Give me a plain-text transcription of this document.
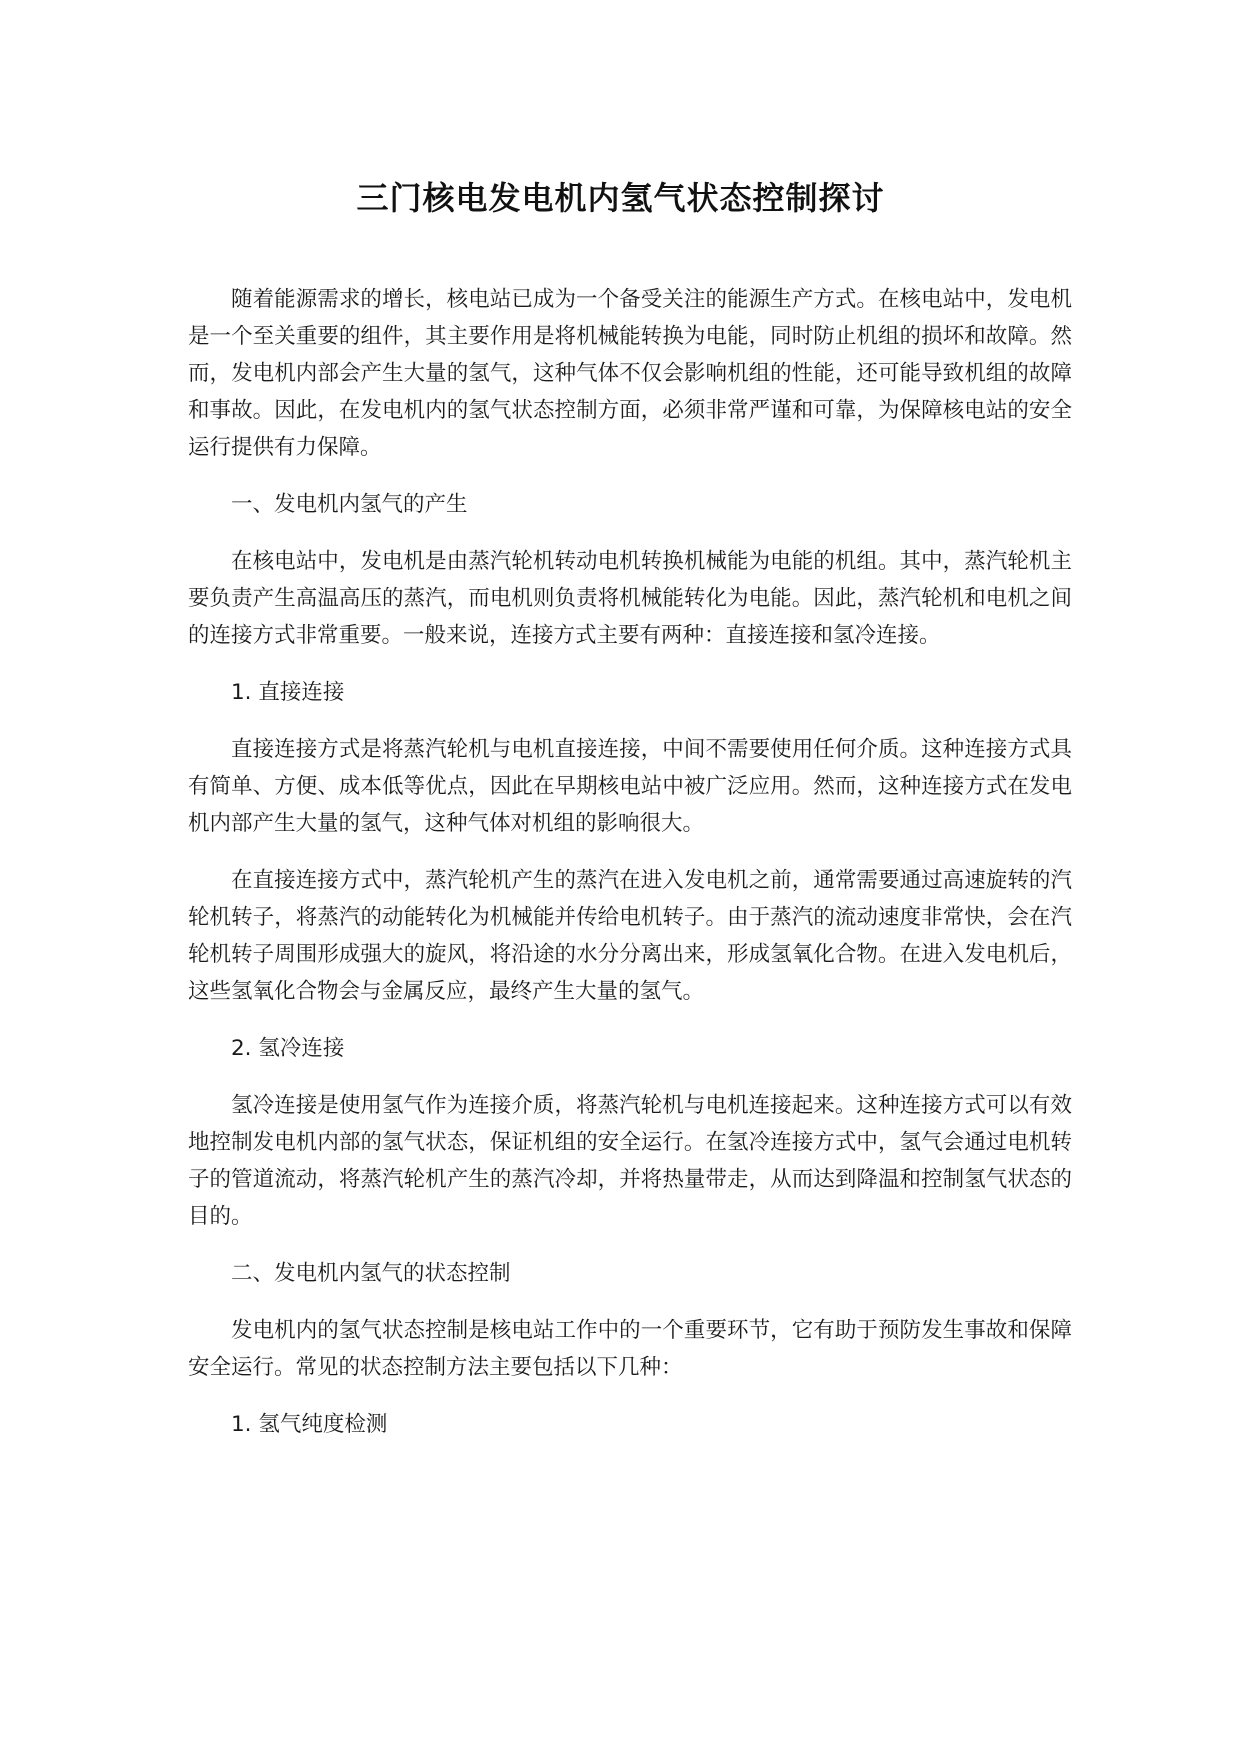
三门核电发电机内氢气状态控制探讨

随着能源需求的增长，核电站已成为一个备受关注的能源生产方式。在核电站中，发电机是一个至关重要的组件，其主要作用是将机械能转换为电能，同时防止机组的损坏和故障。然而，发电机内部会产生大量的氢气，这种气体不仅会影响机组的性能，还可能导致机组的故障和事故。因此，在发电机内的氢气状态控制方面，必须非常严谨和可靠，为保障核电站的安全运行提供有力保障。

一、发电机内氢气的产生

在核电站中，发电机是由蒸汽轮机转动电机转换机械能为电能的机组。其中，蒸汽轮机主要负责产生高温高压的蒸汽，而电机则负责将机械能转化为电能。因此，蒸汽轮机和电机之间的连接方式非常重要。一般来说，连接方式主要有两种：直接连接和氢冷连接。

1. 直接连接

直接连接方式是将蒸汽轮机与电机直接连接，中间不需要使用任何介质。这种连接方式具有简单、方便、成本低等优点，因此在早期核电站中被广泛应用。然而，这种连接方式在发电机内部产生大量的氢气，这种气体对机组的影响很大。

在直接连接方式中，蒸汽轮机产生的蒸汽在进入发电机之前，通常需要通过高速旋转的汽轮机转子，将蒸汽的动能转化为机械能并传给电机转子。由于蒸汽的流动速度非常快，会在汽轮机转子周围形成强大的旋风，将沿途的水分分离出来，形成氢氧化合物。在进入发电机后，这些氢氧化合物会与金属反应，最终产生大量的氢气。

2. 氢冷连接

氢冷连接是使用氢气作为连接介质，将蒸汽轮机与电机连接起来。这种连接方式可以有效地控制发电机内部的氢气状态，保证机组的安全运行。在氢冷连接方式中，氢气会通过电机转子的管道流动，将蒸汽轮机产生的蒸汽冷却，并将热量带走，从而达到降温和控制氢气状态的目的。

二、发电机内氢气的状态控制

发电机内的氢气状态控制是核电站工作中的一个重要环节，它有助于预防发生事故和保障安全运行。常见的状态控制方法主要包括以下几种：

1. 氢气纯度检测
